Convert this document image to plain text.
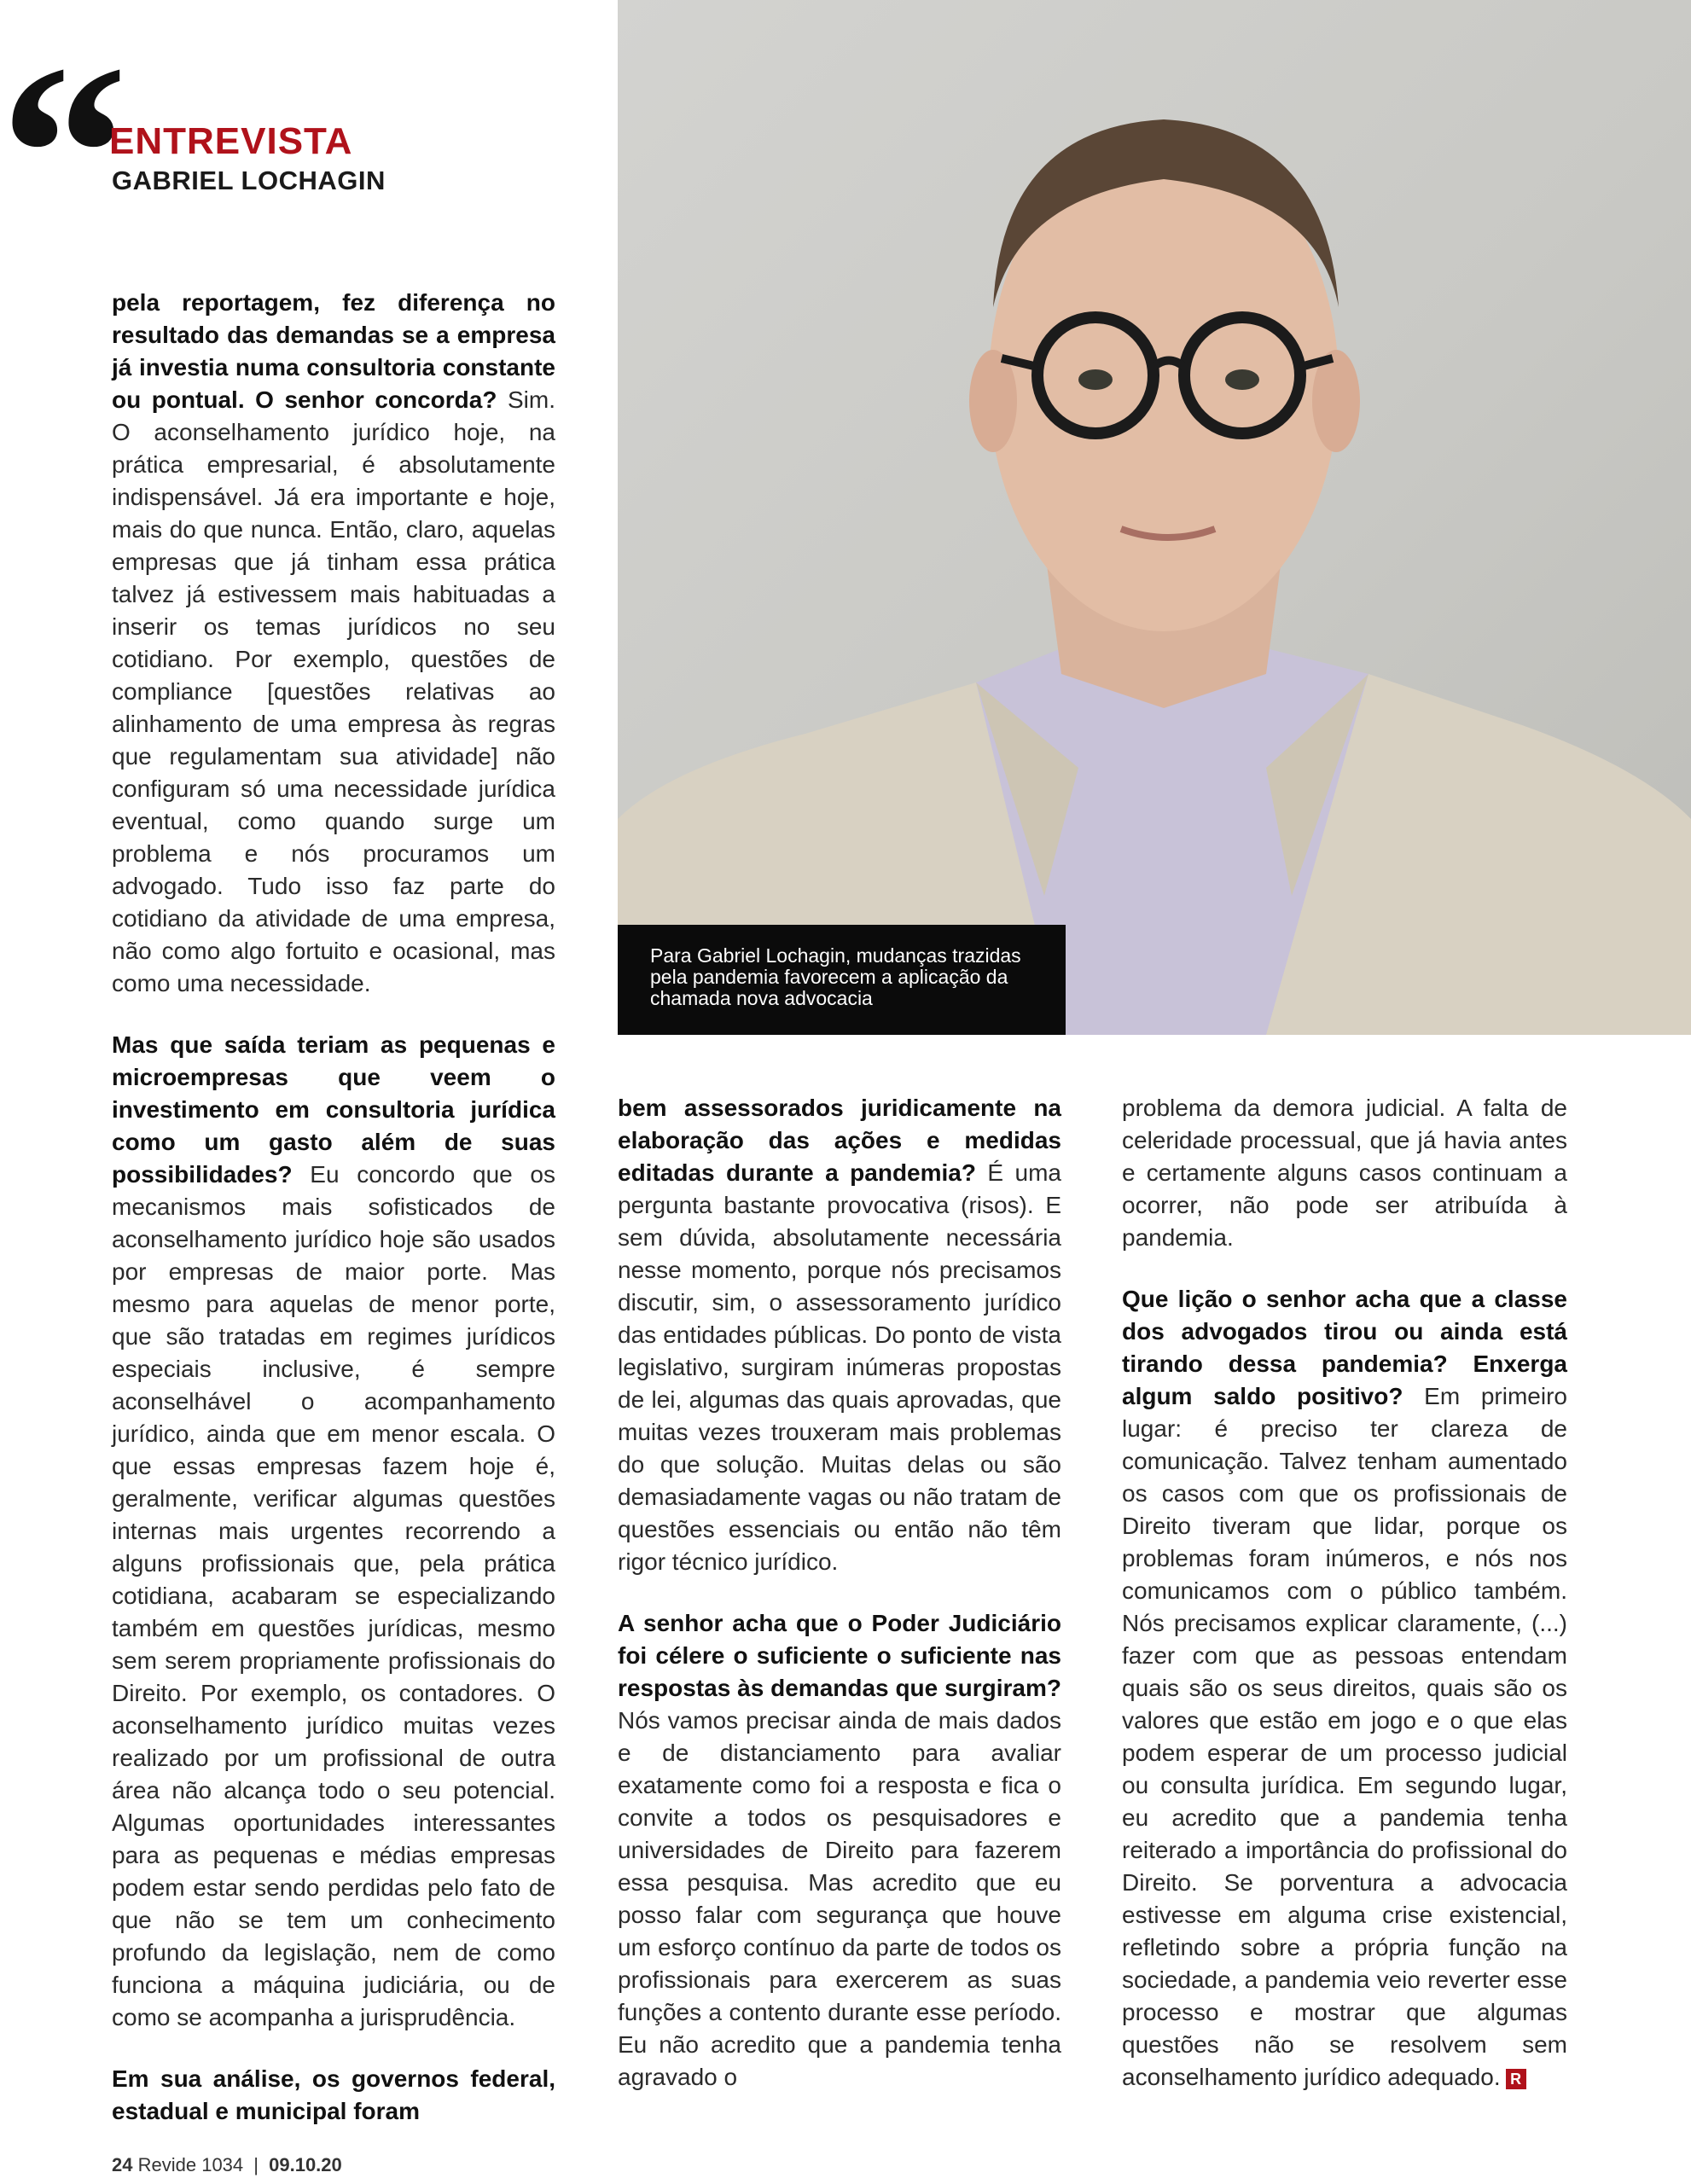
“
ENTREVISTA
GABRIEL LOCHAGIN
Para Gabriel Lochagin, mudanças trazidas pela pandemia favorecem a aplicação da chamada nova advocacia

pela reportagem, fez diferença no resultado das demandas se a empresa já investia numa consultoria constante ou pontual. O senhor concorda? Sim. O aconselhamento jurídico hoje, na prática empresarial, é absolutamente indispensável. Já era importante e hoje, mais do que nunca. Então, claro, aquelas empresas que já tinham essa prática talvez já estivessem mais habituadas a inserir os temas jurídicos no seu cotidiano. Por exemplo, questões de compliance [questões relativas ao alinhamento de uma empresa às regras que regulamentam sua atividade] não configuram só uma necessidade jurídica eventual, como quando surge um problema e nós procuramos um advogado. Tudo isso faz parte do cotidiano da atividade de uma empresa, não como algo fortuito e ocasional, mas como uma necessidade.

Mas que saída teriam as pequenas e microempresas que veem o investimento em consultoria jurídica como um gasto além de suas possibilidades? Eu concordo que os mecanismos mais sofisticados de aconselhamento jurídico hoje são usados por empresas de maior porte. Mas mesmo para aquelas de menor porte, que são tratadas em regimes jurídicos especiais inclusive, é sempre aconselhável o acompanhamento jurídico, ainda que em menor escala. O que essas empresas fazem hoje é, geralmente, verificar algumas questões internas mais urgentes recorrendo a alguns profissionais que, pela prática cotidiana, acabaram se especializando também em questões jurídicas, mesmo sem serem propriamente profissionais do Direito. Por exemplo, os contadores. O aconselhamento jurídico muitas vezes realizado por um profissional de outra área não alcança todo o seu potencial. Algumas oportunidades interessantes para as pequenas e médias empresas podem estar sendo perdidas pelo fato de que não se tem um conhecimento profundo da legislação, nem de como funciona a máquina judiciária, ou de como se acompanha a jurisprudência.

Em sua análise, os governos federal, estadual e municipal foram

bem assessorados juridicamente na elaboração das ações e medidas editadas durante a pandemia? É uma pergunta bastante provocativa (risos). E sem dúvida, absolutamente necessária nesse momento, porque nós precisamos discutir, sim, o assessoramento jurídico das entidades públicas. Do ponto de vista legislativo, surgiram inúmeras propostas de lei, algumas das quais aprovadas, que muitas vezes trouxeram mais problemas do que solução. Muitas delas ou são demasiadamente vagas ou não tratam de questões essenciais ou então não têm rigor técnico jurídico.

A senhor acha que o Poder Judiciário foi célere o suficiente o suficiente nas respostas às demandas que surgiram? Nós vamos precisar ainda de mais dados e de distanciamento para avaliar exatamente como foi a resposta e fica o convite a todos os pesquisadores e universidades de Direito para fazerem essa pesquisa. Mas acredito que eu posso falar com segurança que houve um esforço contínuo da parte de todos os profissionais para exercerem as suas funções a contento durante esse período. Eu não acredito que a pandemia tenha agravado o

problema da demora judicial. A falta de celeridade processual, que já havia antes e certamente alguns casos continuam a ocorrer, não pode ser atribuída à pandemia.

Que lição o senhor acha que a classe dos advogados tirou ou ainda está tirando dessa pandemia? Enxerga algum saldo positivo? Em primeiro lugar: é preciso ter clareza de comunicação. Talvez tenham aumentado os casos com que os profissionais de Direito tiveram que lidar, porque os problemas foram inúmeros, e nós nos comunicamos com o público também. Nós precisamos explicar claramente, (...) fazer com que as pessoas entendam quais são os seus direitos, quais são os valores que estão em jogo e o que elas podem esperar de um processo judicial ou consulta jurídica. Em segundo lugar, eu acredito que a pandemia tenha reiterado a importância do profissional do Direito. Se porventura a advocacia estivesse em alguma crise existencial, refletindo sobre a própria função na sociedade, a pandemia veio reverter esse processo e mostrar que algumas questões não se resolvem sem aconselhamento jurídico adequado. R

24 Revide 1034 | 09.10.20
